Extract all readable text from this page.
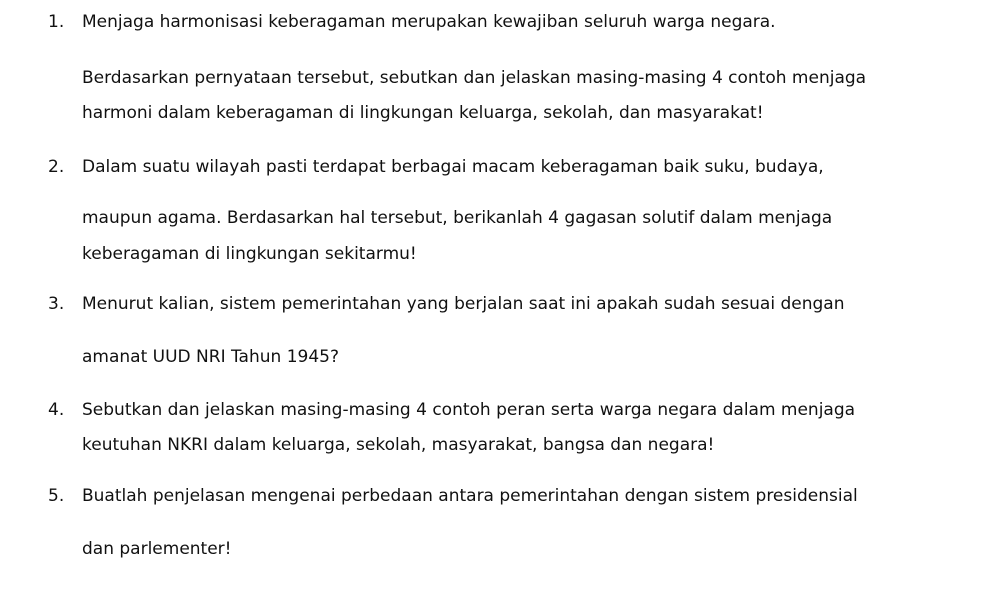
1. Menjaga harmonisasi keberagaman merupakan kewajiban seluruh warga negara.
Berdasarkan pernyataan tersebut, sebutkan dan jelaskan masing-masing 4 contoh menjaga
harmoni dalam keberagaman di lingkungan keluarga, sekolah, dan masyarakat!
2. Dalam suatu wilayah pasti terdapat berbagai macam keberagaman baik suku, budaya,
maupun agama. Berdasarkan hal tersebut, berikanlah 4 gagasan solutif dalam menjaga
keberagaman di lingkungan sekitarmu!
3. Menurut kalian, sistem pemerintahan yang berjalan saat ini apakah sudah sesuai dengan
amanat UUD NRI Tahun 1945?
4. Sebutkan dan jelaskan masing-masing 4 contoh peran serta warga negara dalam menjaga
keutuhan NKRI dalam keluarga, sekolah, masyarakat, bangsa dan negara!
5. Buatlah penjelasan mengenai perbedaan antara pemerintahan dengan sistem presidensial
dan parlementer!
